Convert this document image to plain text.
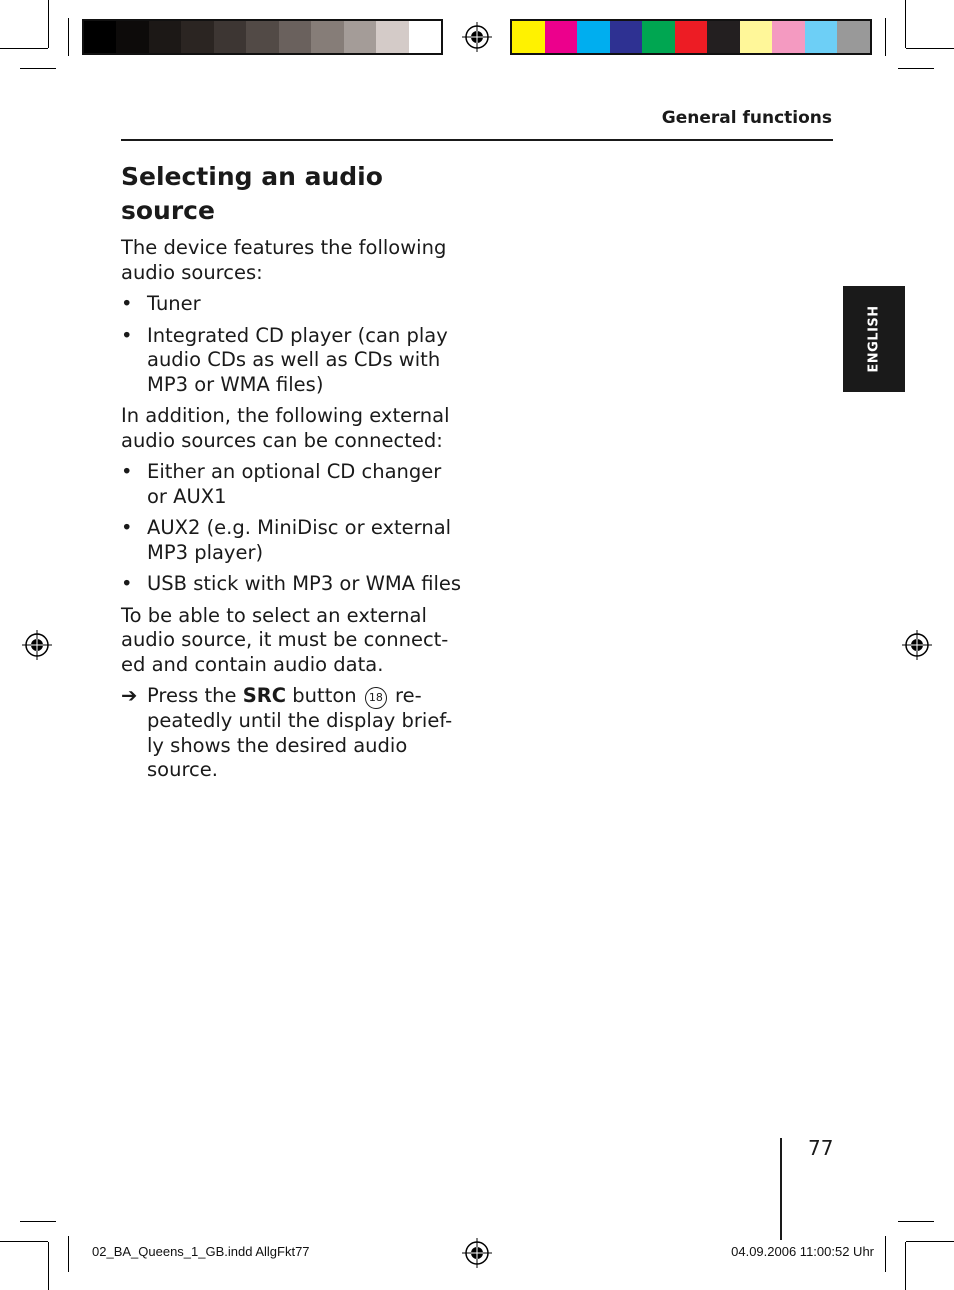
General functions
ENGLISH
Selecting an audio source

The device features the following audio sources:

• Tuner
• Integrated CD player (can play audio CDs as well as CDs with MP3 or WMA files)

In addition, the following external audio sources can be connected:

• Either an optional CD changer or AUX1
• AUX2 (e.g. MiniDisc or external MP3 player)
• USB stick with MP3 or WMA files

To be able to select an external audio source, it must be connect-ed and contain audio data.

➔ Press the SRC button 18 re-peatedly until the display brief-ly shows the desired audio source.

77
02_BA_Queens_1_GB.indd AllgFkt77	04.09.2006 11:00:52 Uhr
